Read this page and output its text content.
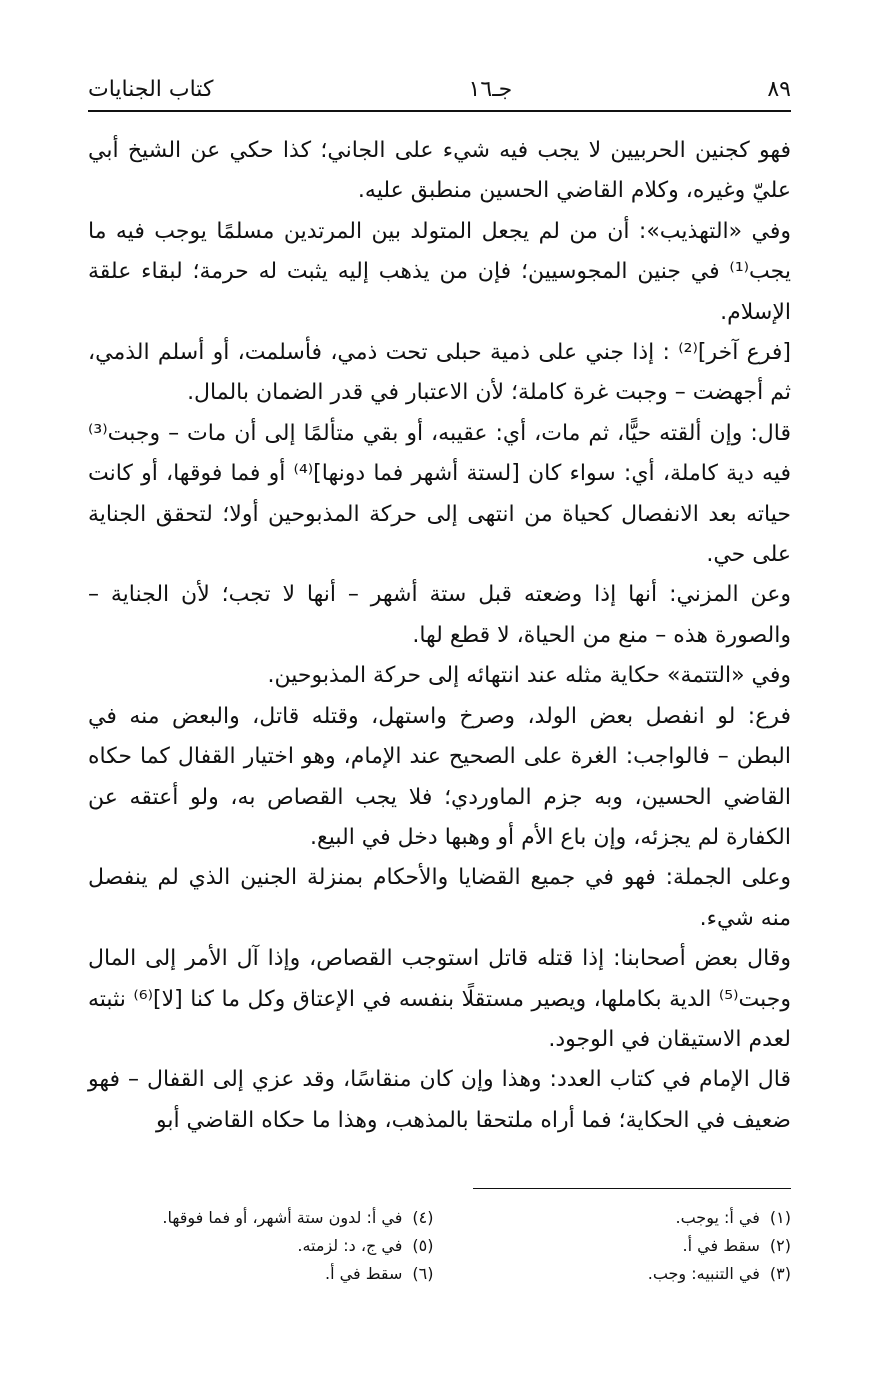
٨٩
جـ١٦
كتاب الجنايات

فهو كجنين الحربيين لا يجب فيه شيء على الجاني؛ كذا حكي عن الشيخ أبي عليّ وغيره، وكلام القاضي الحسين منطبق عليه.

وفي «التهذيب»: أن من لم يجعل المتولد بين المرتدين مسلمًا يوجب فيه ما يجب⁽¹⁾ في جنين المجوسيين؛ فإن من يذهب إليه يثبت له حرمة؛ لبقاء علقة الإسلام.

[فرع آخر]⁽²⁾ : إذا جني على ذمية حبلى تحت ذمي، فأسلمت، أو أسلم الذمي، ثم أجهضت – وجبت غرة كاملة؛ لأن الاعتبار في قدر الضمان بالمال.

قال: وإن ألقته حيًّا، ثم مات، أي: عقيبه، أو بقي متألمًا إلى أن مات – وجبت⁽³⁾ فيه دية كاملة، أي: سواء كان [لستة أشهر فما دونها]⁽⁴⁾ أو فما فوقها، أو كانت حياته بعد الانفصال كحياة من انتهى إلى حركة المذبوحين أولا؛ لتحقق الجناية على حي.

وعن المزني: أنها إذا وضعته قبل ستة أشهر – أنها لا تجب؛ لأن الجناية – والصورة هذه – منع من الحياة، لا قطع لها.

وفي «التتمة» حكاية مثله عند انتهائه إلى حركة المذبوحين.

فرع: لو انفصل بعض الولد، وصرخ واستهل، وقتله قاتل، والبعض منه في البطن – فالواجب: الغرة على الصحيح عند الإمام، وهو اختيار القفال كما حكاه القاضي الحسين، وبه جزم الماوردي؛ فلا يجب القصاص به، ولو أعتقه عن الكفارة لم يجزئه، وإن باع الأم أو وهبها دخل في البيع.

وعلى الجملة: فهو في جميع القضايا والأحكام بمنزلة الجنين الذي لم ينفصل منه شيء.

وقال بعض أصحابنا: إذا قتله قاتل استوجب القصاص، وإذا آل الأمر إلى المال وجبت⁽⁵⁾ الدية بكاملها، ويصير مستقلًا بنفسه في الإعتاق وكل ما كنا [لا]⁽⁶⁾ نثبته لعدم الاستيقان في الوجود.

قال الإمام في كتاب العدد: وهذا وإن كان منقاسًا، وقد عزي إلى القفال – فهو ضعيف في الحكاية؛ فما أراه ملتحقا بالمذهب، وهذا ما حكاه القاضي أبو

(١)في أ: يوجب.
(٢)سقط في أ.
(٣)في التنبيه: وجب.
(٤)في أ: لدون ستة أشهر، أو فما فوقها.
(٥)في ج، د: لزمته.
(٦)سقط في أ.
